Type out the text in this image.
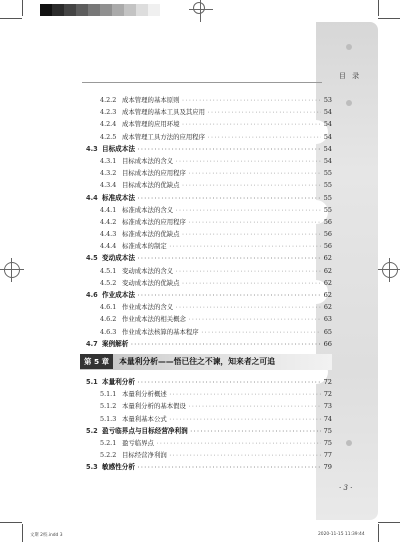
目 录
4.2.2 成本管理的基本原则 ·····	53
4.2.3 成本管理的基本工具及其应用 ·····	54
4.2.4 成本管理的应用环境 ·····	54
4.2.5 成本管理工具方法的应用程序 ·····	54
4.3 目标成本法 ·····	54
4.3.1 目标成本法的含义 ·····	54
4.3.2 目标成本法的应用程序 ·····	55
4.3.4 目标成本法的优缺点 ·····	55
4.4 标准成本法 ·····	55
4.4.1 标准成本法的含义 ·····	55
4.4.2 标准成本法的应用程序 ·····	56
4.4.3 标准成本法的优缺点 ·····	56
4.4.4 标准成本的制定 ·····	56
4.5 变动成本法 ·····	62
4.5.1 变动成本法的含义 ·····	62
4.5.2 变动成本法的优缺点 ·····	62
4.6 作业成本法 ·····	62
4.6.1 作业成本法的含义 ·····	62
4.6.2 作业成本法的相关概念 ·····	63
4.6.3 作业成本法核算的基本程序 ·····	65
4.7 案例解析 ·····	66
第 5 章	本量利分析——悟已往之不谏，知来者之可追
5.1 本量利分析 ·····	72
5.1.1 本量利分析概述 ·····	72
5.1.2 本量利分析的基本假设 ·····	73
5.1.3 本量利基本公式 ·····	74
5.2 盈亏临界点与目标经营净利润 ·····	75
5.2.1 盈亏临界点 ·····	75
5.2.2 目标经营净利润 ·····	77
5.3 敏感性分析 ·····	79
· 3 ·
文斯 2校.indd 3	2020-11-15 11:39:44
